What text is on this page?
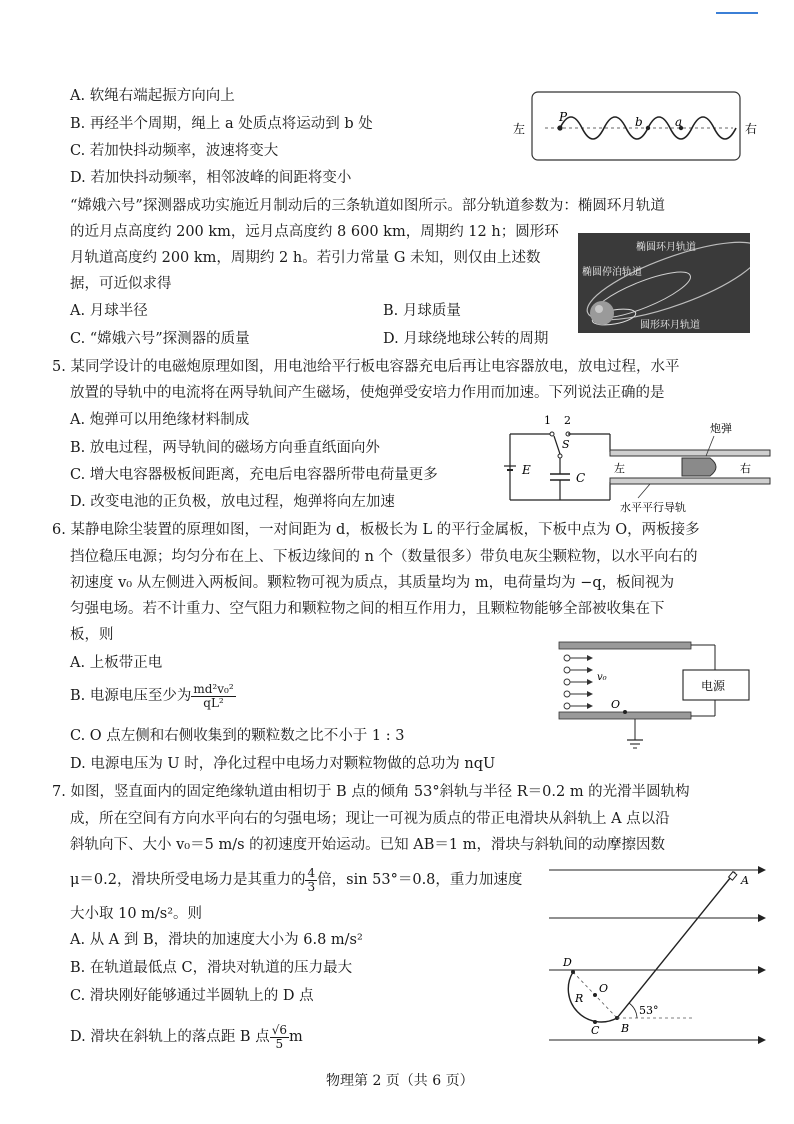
A. 软绳右端起振方向向上
B. 再经半个周期，绳上 a 处质点将运动到 b 处
C. 若加快抖动频率，波速将变大
D. 若加快抖动频率，相邻波峰的间距将变小
左	右
P	b	a
“嫦娥六号”探测器成功实施近月制动后的三条轨道如图所示。部分轨道参数为：椭圆环月轨道
的近月点高度约 200 km，远月点高度约 8 600 km，周期约 12 h；圆形环
月轨道高度约 200 km，周期约 2 h。若引力常量 G 未知，则仅由上述数
据，可近似求得
A. 月球半径	B. 月球质量
C. “嫦娥六号”探测器的质量	D. 月球绕地球公转的周期
椭圆环月轨道
椭圆停泊轨道
圆形环月轨道
5. 某同学设计的电磁炮原理如图，用电池给平行板电容器充电后再让电容器放电，放电过程，水平
放置的导轨中的电流将在两导轨间产生磁场，使炮弹受安培力作用而加速。下列说法正确的是
A. 炮弹可以用绝缘材料制成
B. 放电过程，两导轨间的磁场方向垂直纸面向外
C. 增大电容器极板间距离，充电后电容器所带电荷量更多
D. 改变电池的正负极，放电过程，炮弹将向左加速
E
1 2
S
C
炮弹
左	右
水平平行导轨
6. 某静电除尘装置的原理如图，一对间距为 d，板极长为 L 的平行金属板，下板中点为 O，两板接多
挡位稳压电源；均匀分布在上、下板边缘间的 n 个（数量很多）带负电灰尘颗粒物，以水平向右的
初速度 v₀ 从左侧进入两板间。颗粒物可视为质点，其质量均为 m，电荷量均为 −q，板间视为
匀强电场。若不计重力、空气阻力和颗粒物之间的相互作用力，且颗粒物能够全部被收集在下
板，则
A. 上板带正电
B. 电源电压至少为 $\frac{\text{md²v₀²}}{\text{qL²}}$
C. O 点左侧和右侧收集到的颗粒数之比不小于 1 : 3
D. 电源电压为 U 时，净化过程中电场力对颗粒物做的总功为 nqU
v₀
O
电源
7. 如图，竖直面内的固定绝缘轨道由相切于 B 点的倾角 53°斜轨与半径 R＝0.2 m 的光滑半圆轨构
成，所在空间有方向水平向右的匀强电场；现让一可视为质点的带正电滑块从斜轨上 A 点以沿
斜轨向下、大小 v₀＝5 m/s 的初速度开始运动。已知 AB＝1 m，滑块与斜轨间的动摩擦因数
μ＝0.2，滑块所受电场力是其重力的 $\frac{4}{3}$ 倍，sin 53°＝0.8，重力加速度
大小取 10 m/s²。则
A. 从 A 到 B，滑块的加速度大小为 6.8 m/s²
B. 在轨道最低点 C，滑块对轨道的压力最大
C. 滑块刚好能够通过半圆轨上的 D 点
D. 滑块在斜轨上的落点距 B 点 $\frac{√6}{5}$ m
A
D
C B
O
R
53°
物理第 2 页（共 6 页）
